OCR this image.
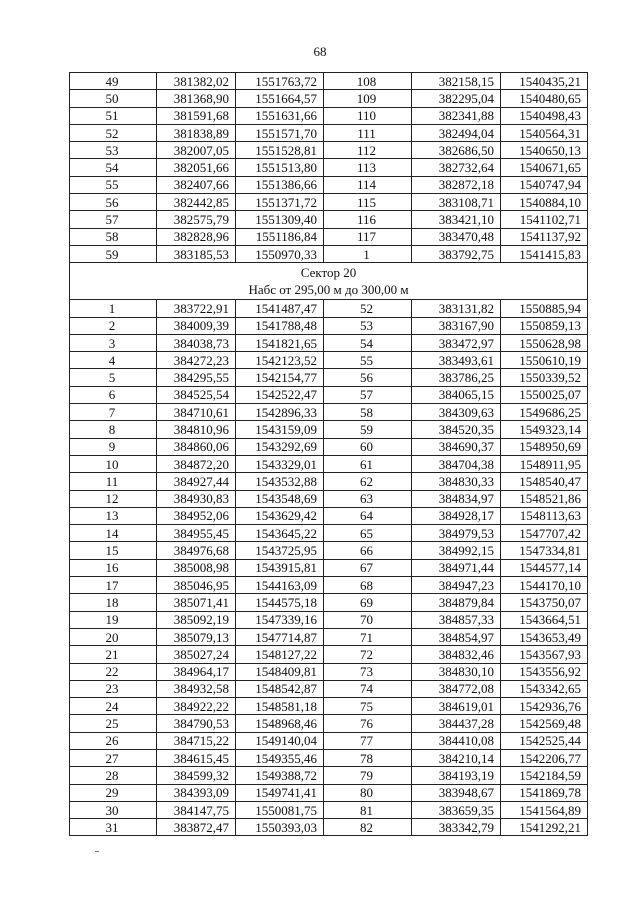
68
49	381382,02	1551763,72	108	382158,15	1540435,21
50	381368,90	1551664,57	109	382295,04	1540480,65
51	381591,68	1551631,66	110	382341,88	1540498,43
52	381838,89	1551571,70	111	382494,04	1540564,31
53	382007,05	1551528,81	112	382686,50	1540650,13
54	382051,66	1551513,80	113	382732,64	1540671,65
55	382407,66	1551386,66	114	382872,18	1540747,94
56	382442,85	1551371,72	115	383108,71	1540884,10
57	382575,79	1551309,40	116	383421,10	1541102,71
58	382828,96	1551186,84	117	383470,48	1541137,92
59	383185,53	1550970,33	1	383792,75	1541415,83

Сектор 20
Набс от 295,00 м до 300,00 м					

1	383722,91	1541487,47	52	383131,82	1550885,94
2	384009,39	1541788,48	53	383167,90	1550859,13
3	384038,73	1541821,65	54	383472,97	1550628,98
4	384272,23	1542123,52	55	383493,61	1550610,19
5	384295,55	1542154,77	56	383786,25	1550339,52
6	384525,54	1542522,47	57	384065,15	1550025,07
7	384710,61	1542896,33	58	384309,63	1549686,25
8	384810,96	1543159,09	59	384520,35	1549323,14
9	384860,06	1543292,69	60	384690,37	1548950,69
10	384872,20	1543329,01	61	384704,38	1548911,95
11	384927,44	1543532,88	62	384830,33	1548540,47
12	384930,83	1543548,69	63	384834,97	1548521,86
13	384952,06	1543629,42	64	384928,17	1548113,63
14	384955,45	1543645,22	65	384979,53	1547707,42
15	384976,68	1543725,95	66	384992,15	1547334,81
16	385008,98	1543915,81	67	384971,44	1544577,14
17	385046,95	1544163,09	68	384947,23	1544170,10
18	385071,41	1544575,18	69	384879,84	1543750,07
19	385092,19	1547339,16	70	384857,33	1543664,51
20	385079,13	1547714,87	71	384854,97	1543653,49
21	385027,24	1548127,22	72	384832,46	1543567,93
22	384964,17	1548409,81	73	384830,10	1543556,92
23	384932,58	1548542,87	74	384772,08	1543342,65
24	384922,22	1548581,18	75	384619,01	1542936,76
25	384790,53	1548968,46	76	384437,28	1542569,48
26	384715,22	1549140,04	77	384410,08	1542525,44
27	384615,45	1549355,46	78	384210,14	1542206,77
28	384599,32	1549388,72	79	384193,19	1542184,59
29	384393,09	1549741,41	80	383948,67	1541869,78
30	384147,75	1550081,75	81	383659,35	1541564,89
31	383872,47	1550393,03	82	383342,79	1541292,21
